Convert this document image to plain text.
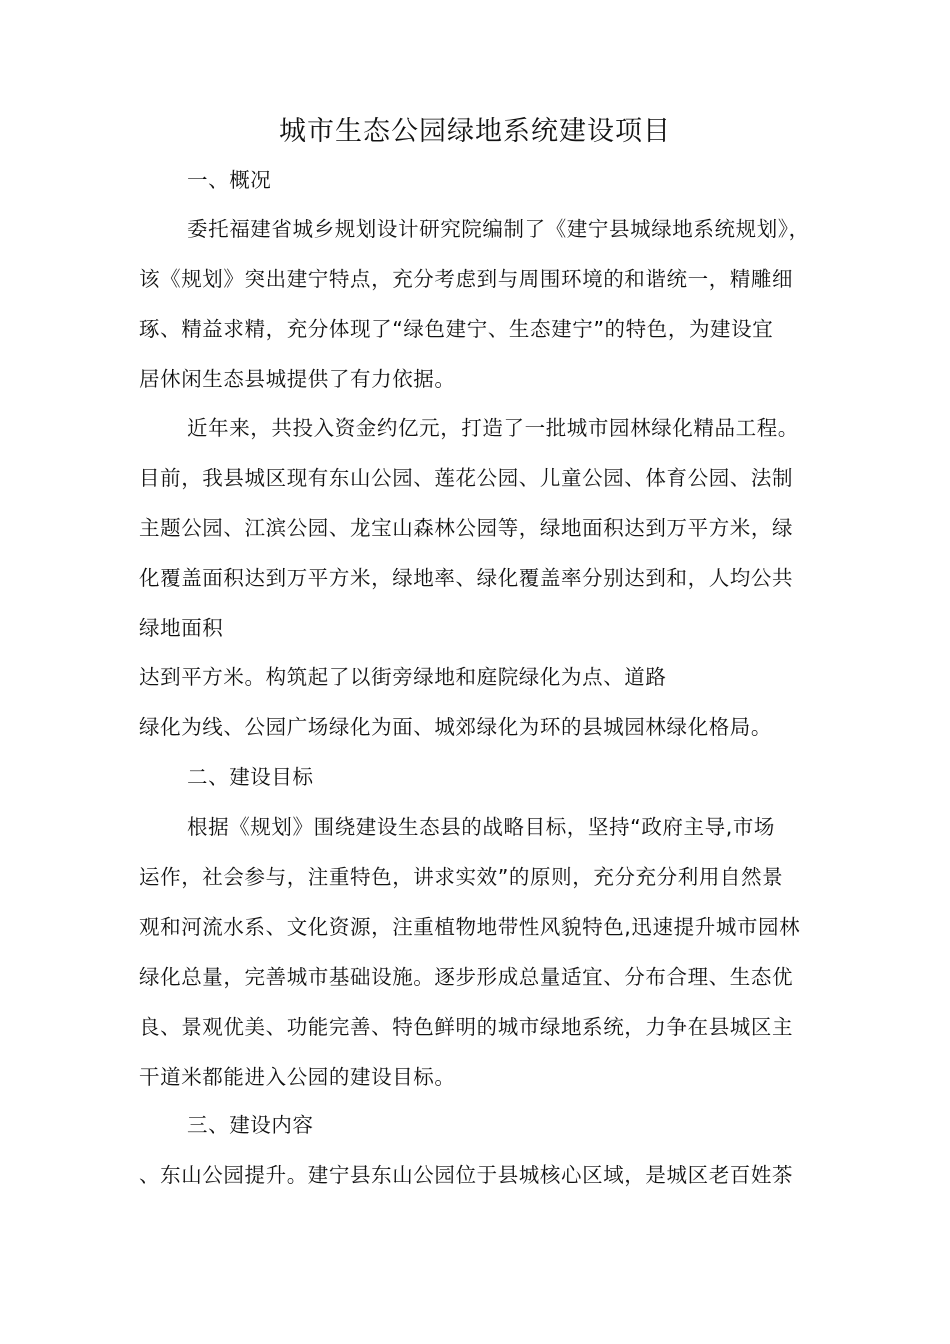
城市生态公园绿地系统建设项目
一、概况
委托福建省城乡规划设计研究院编制了《建宁县城绿地系统规划》，
该《规划》突出建宁特点，充分考虑到与周围环境的和谐统一，精雕细
琢、精益求精，充分体现了“绿色建宁、生态建宁”的特色，为建设宜
居休闲生态县城提供了有力依据。
近年来，共投入资金约亿元，打造了一批城市园林绿化精品工程。
目前，我县城区现有东山公园、莲花公园、儿童公园、体育公园、法制
主题公园、江滨公园、龙宝山森林公园等，绿地面积达到万平方米，绿
化覆盖面积达到万平方米，绿地率、绿化覆盖率分别达到和，人均公共
绿地面积
达到平方米。构筑起了以街旁绿地和庭院绿化为点、道路
绿化为线、公园广场绿化为面、城郊绿化为环的县城园林绿化格局。
二、建设目标
根据《规划》围绕建设生态县的战略目标，坚持“政府主导,市场
运作，社会参与，注重特色，讲求实效”的原则，充分充分利用自然景
观和河流水系、文化资源，注重植物地带性风貌特色,迅速提升城市园林
绿化总量，完善城市基础设施。逐步形成总量适宜、分布合理、生态优
良、景观优美、功能完善、特色鲜明的城市绿地系统，力争在县城区主
干道米都能进入公园的建设目标。
三、建设内容
、东山公园提升。建宁县东山公园位于县城核心区域，是城区老百姓茶
